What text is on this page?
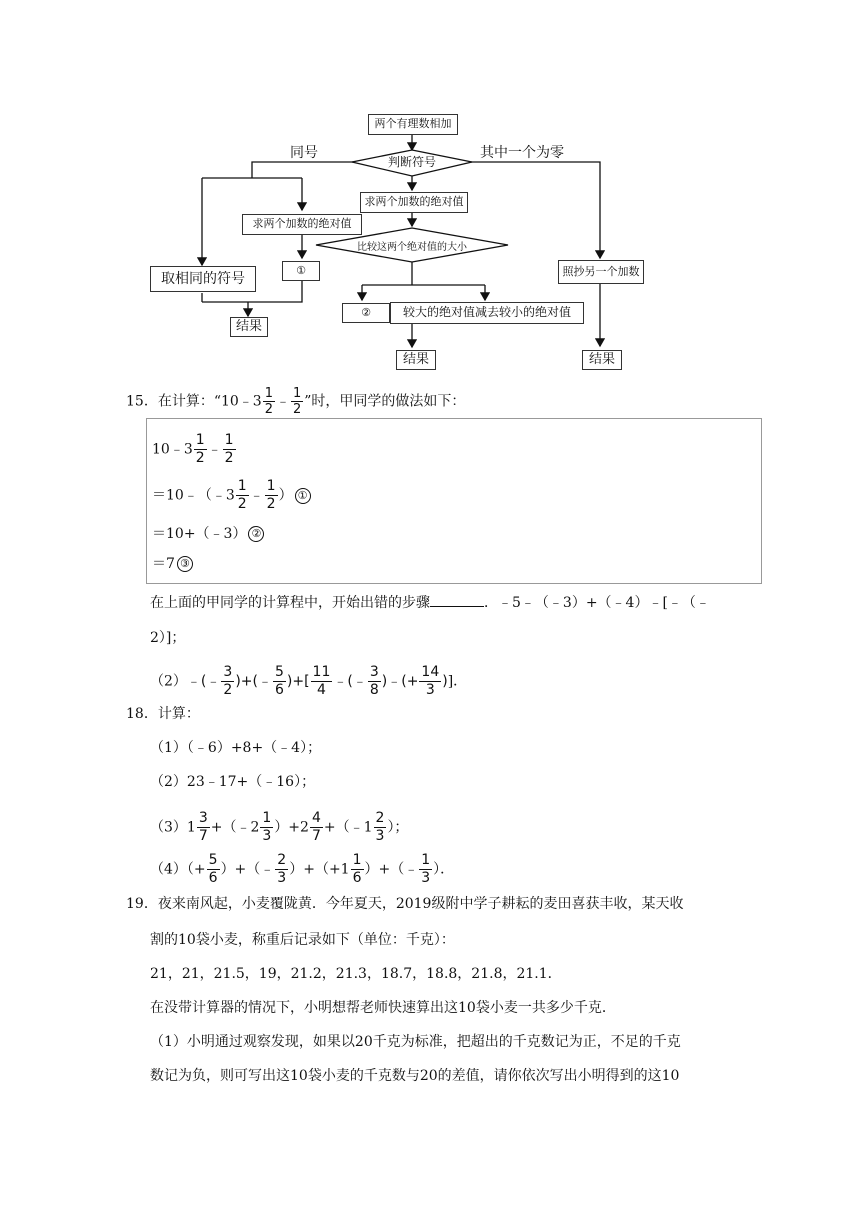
两个有理数相加
判断符号
同号	其中一个为零
求两个加数的绝对值
求两个加数的绝对值
比较这两个绝对值的大小
取相同的符号
①
②	较大的绝对值减去较小的绝对值
照抄另一个加数
结果
结果	结果
15．在计算：“10﹣3 $\frac{1}{2}$ ﹣ $\frac{1}{2}$ ”时，甲同学的做法如下：
10﹣3 $\frac{1}{2}$ ﹣ $\frac{1}{2}$
＝10﹣（﹣3 $\frac{1}{2}$ ﹣ $\frac{1}{2}$ ） ①
＝10+（﹣3） ②
＝7 ③
在上面的甲同学的计算程中，开始出错的步骤	．﹣5﹣（﹣3）+（﹣4）﹣[﹣（﹣
2）]；
（2）﹣(﹣ $\frac{3}{2}$ )+(﹣ $\frac{5}{6}$ )+[ $\frac{11}{4}$ ﹣(﹣ $\frac{3}{8}$ )﹣(+ $\frac{14}{3}$ )]．
18．计算：
（1）（﹣6）+8+（﹣4）；
（2）23﹣17+（﹣16）；
$(3)1 \frac{3}{7}$ +（﹣2 $\frac{1}{3} )+2 \frac{4}{7}$ +（﹣1 $\frac{2}{3}$ ）；
$(4)(+ \frac{5}{6}$ ）+（﹣ $\frac{2}{3} )+(+1 \frac{1}{6}$ ）+（﹣ $\frac{1}{3}$ ）．
19．夜来南风起，小麦覆陇黄．今年夏天，2019级附中学子耕耘的麦田喜获丰收，某天收
割的10袋小麦，称重后记录如下（单位：千克）：
21，21，21.5，19，21.2，21.3，18.7，18.8，21.8，21.1．
在没带计算器的情况下，小明想帮老师快速算出这10袋小麦一共多少千克．
（1）小明通过观察发现，如果以20千克为标准，把超出的千克数记为正，不足的千克
数记为负，则可写出这10袋小麦的千克数与20的差值，请你依次写出小明得到的这10
